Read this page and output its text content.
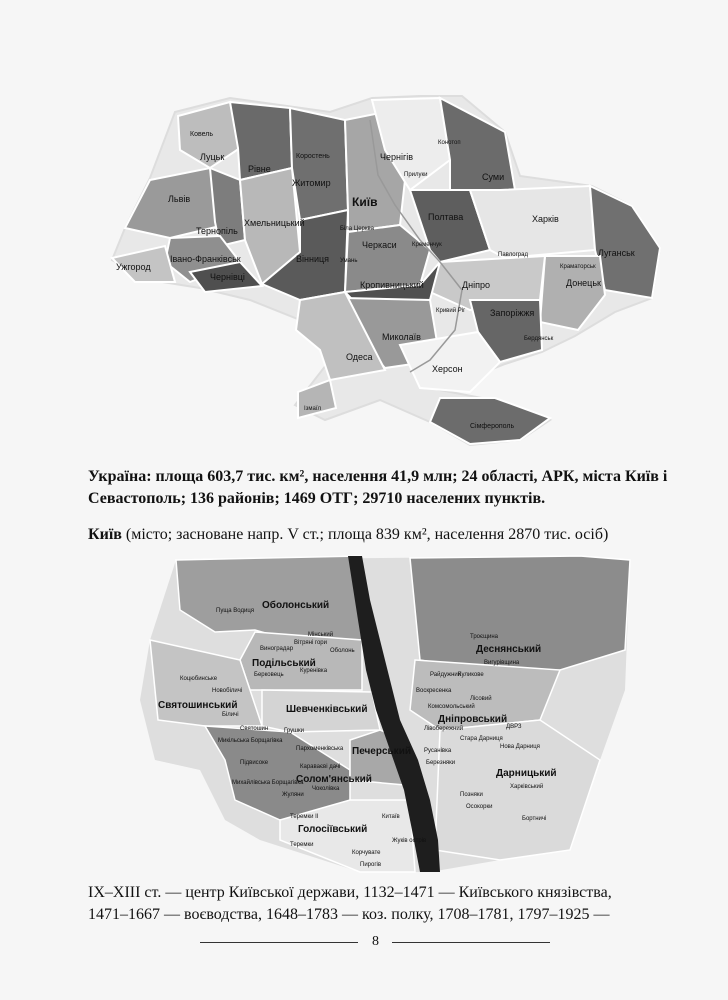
Ковель
Луцьк
Рівне
Коростень
Житомир
Львів
Хмельницький
Тернопіль
Вінниця
Івано-Франківськ
Ужгород
Чернівці
Київ
Біла Церква
Умань
Черкаси
Чернігів
Конотоп
Прилуки	Суми
Полтава
Кременчук
Харків
Луганськ
Краматорськ
Донецьк
Павлоград
Дніпро
Кропивницький
Кривий Ріг	Запоріжжя
Бердянськ
Миколаїв
Одеса
Херсон
Ізмаїл
Сімферополь
Оболонський
Подільський
Святошинський	Шевченківський
Печерський
Солом'янський
Голосіївський
Деснянський
Дніпровський
Дарницький
Пуща Водиця
Мінський
Вітряні гори
Виноградар	Оболонь
Куренівка
Берковець
Коцюбинське
Новобіличі
Біличі
Святошин	Грушки
Микільська Борщагівка
Підвисоке
Пархоменківська
Караваєві дачі
Жуляни
Чоколівка
Михайлівська Борщагівка
Теремки II
Теремки
Китаїв
Корчувате
Пирогів
Жуків острів
Троєщина
Вигурівщина
Куликове
Райдужний
Воскресенка
Лісовий
Комсомольський
Лівобережний
Стара Дарниця
Русанівка
Березняки
ДВРЗ
Нова Дарниця
Позняки
Харківський
Осокорки
Бортничі
Україна: площа 603,7 тис. км², населення 41,9 млн; 24 області, АРК, міста Київ і Севастополь; 136 районів; 1469 ОТГ; 29710 населених пунктів.
Київ (місто; засноване напр. V ст.; площа 839 км², населення 2870 тис. осіб)
IX–XIII ст. — центр Київської держави, 1132–1471 — Київського князівства,
1471–1667 — воєводства, 1648–1783 — коз. полку, 1708–1781, 1797–1925 —
8
